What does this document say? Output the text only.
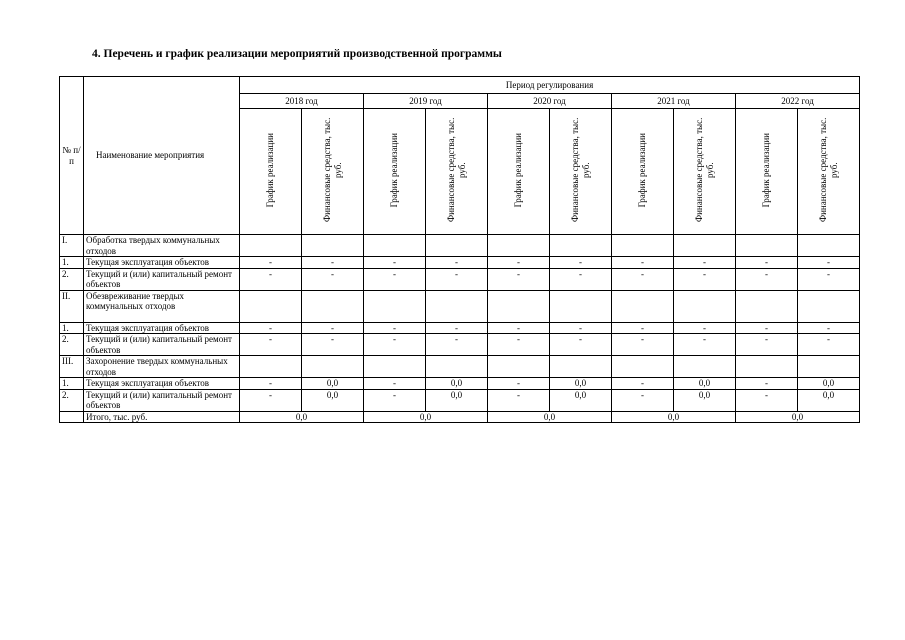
4. Перечень и график реализации мероприятий производственной программы
№ п/п	Наименование мероприятия	Период регулирования									
		2018 год		2019 год		2020 год		2021 год		2022 год	
		График реализации	Финансовые средства, тыс. руб.	График реализации	Финансовые средства, тыс. руб.	График реализации	Финансовые средства, тыс. руб.	График реализации	Финансовые средства, тыс. руб.	График реализации	Финансовые средства, тыс. руб.
I.	Обработка твердых коммунальных отходов										
1.	Текущая эксплуатация объектов	-	-	-	-	-	-	-	-	-	-
2.	Текущий и (или) капитальный ремонт объектов	-	-	-	-	-	-	-	-	-	-
II.	Обезвреживание твердых коммунальных отходов										
1.	Текущая эксплуатация объектов	-	-	-	-	-	-	-	-	-	-
2.	Текущий и (или) капитальный ремонт объектов	-	-	-	-	-	-	-	-	-	-
III.	Захоронение твердых коммунальных отходов										
1.	Текущая эксплуатация объектов	-	0,0	-	0,0	-	0,0	-	0,0	-	0,0
2.	Текущий и (или) капитальный ремонт объектов	-	0,0	-	0,0	-	0,0	-	0,0	-	0,0
	Итого, тыс. руб.	0,0		0,0		0,0		0,0		0,0	
